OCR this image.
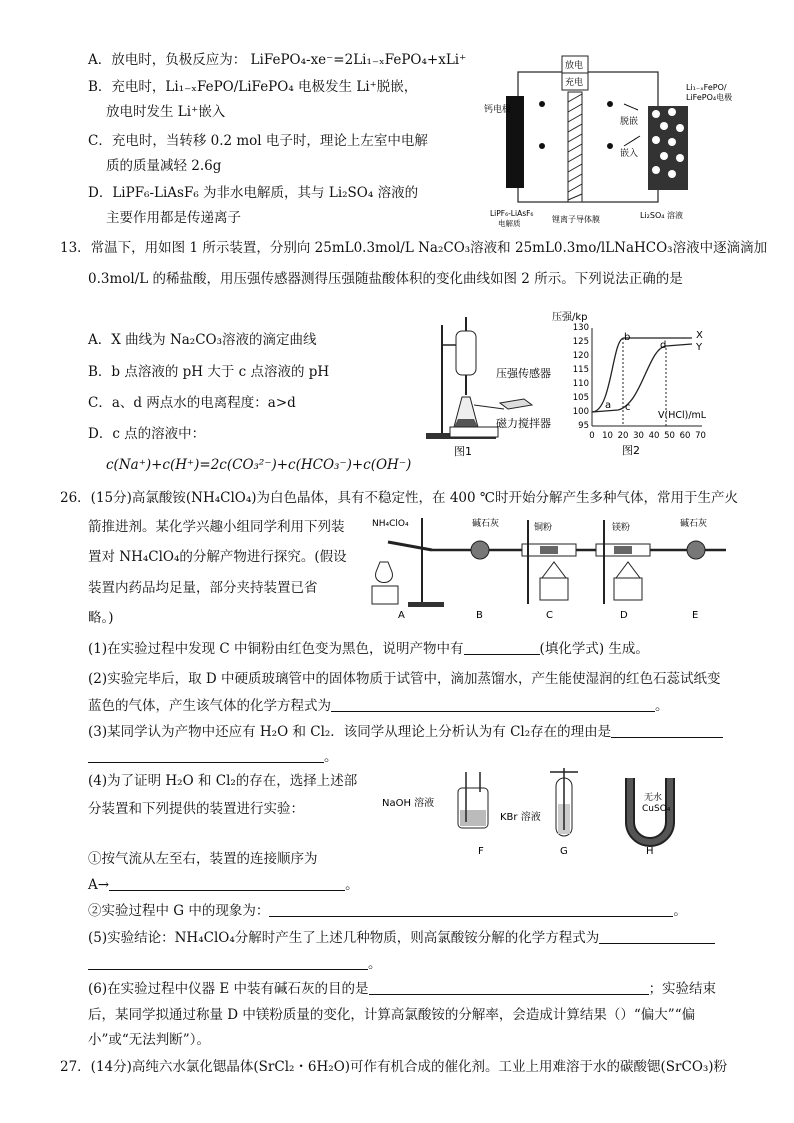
A．放电时，负极反应为： LiFePO₄-xe⁻=2Li₁₋ₓFePO₄+xLi⁺
B．充电时，Li₁₋ₓFePO/LiFePO₄ 电极发生 Li⁺脱嵌，
放电时发生 Li⁺嵌入
C．充电时，当转移 0.2 mol 电子时，理论上左室中电解
质的质量减轻 2.6g
D．LiPF₆-LiAsF₆ 为非水电解质，其与 Li₂SO₄ 溶液的
主要作用都是传递离子
放电
充电
钙电极
Li₁₋ₓFePO/
LiFePO₄电极
脱嵌
嵌入
LiPF₆-LiAsF₆
电解质	锂离子导体膜	Li₂SO₄ 溶液
13．常温下，用如图 1 所示装置，分别向 25mL0.3mol/L Na₂CO₃溶液和 25mL0.3mo/lLNaHCO₃溶液中逐滴滴加
0.3mol/L 的稀盐酸，用压强传感器测得压强随盐酸体积的变化曲线如图 2 所示。下列说法正确的是
A．X 曲线为 Na₂CO₃溶液的滴定曲线
B．b 点溶液的 pH 大于 c 点溶液的 pH
C．a、d 两点水的电离程度：a>d
D．c 点的溶液中：
c(Na⁺)+c(H⁺)=2c(CO₃²⁻)+c(HCO₃⁻)+c(OH⁻)
压强传感器
磁力搅拌器
图1
压强/kp
130
125
120
115
110
105
100
95
0 10 20 30 40 50 60 70
X
Y
a
b
c
d
V(HCl)/mL
图2
26．(15分)高氯酸铵(NH₄ClO₄)为白色晶体，具有不稳定性，在 400 ℃时开始分解产生多种气体，常用于生产火
箭推进剂。某化学兴趣小组同学利用下列装
置对 NH₄ClO₄的分解产物进行探究。(假设
装置内药品均足量，部分夹持装置已省
略。)
NH₄ClO₄	碱石灰	铜粉	镁粉	碱石灰
A	B	C	D	E
(1)在实验过程中发现 C 中铜粉由红色变为黑色，说明产物中有	(填化学式) 生成。
(2)实验完毕后，取 D 中硬质玻璃管中的固体物质于试管中，滴加蒸馏水，产生能使湿润的红色石蕊试纸变
蓝色的气体，产生该气体的化学方程式为	。
(3)某同学认为产物中还应有 H₂O 和 Cl₂．该同学从理论上分析认为有 Cl₂存在的理由是
。
(4)为了证明 H₂O 和 Cl₂的存在，选择上述部
分装置和下列提供的装置进行实验：	NaOH 溶液
F
KBr 溶液
G
无水
CuSO₄
H
①按气流从左至右，装置的连接顺序为
A→	。
②实验过程中 G 中的现象为：	。
(5)实验结论：NH₄ClO₄分解时产生了上述几种物质，则高氯酸铵分解的化学方程式为
。
(6)在实验过程中仪器 E 中装有碱石灰的目的是	；实验结束
后，某同学拟通过称量 D 中镁粉质量的变化，计算高氯酸铵的分解率，会造成计算结果（）“偏大”“偏
小”或“无法判断”）。
27．(14分)高纯六水氯化锶晶体(SrCl₂・6H₂O)可作有机合成的催化剂。工业上用难溶于水的碳酸锶(SrCO₃)粉
